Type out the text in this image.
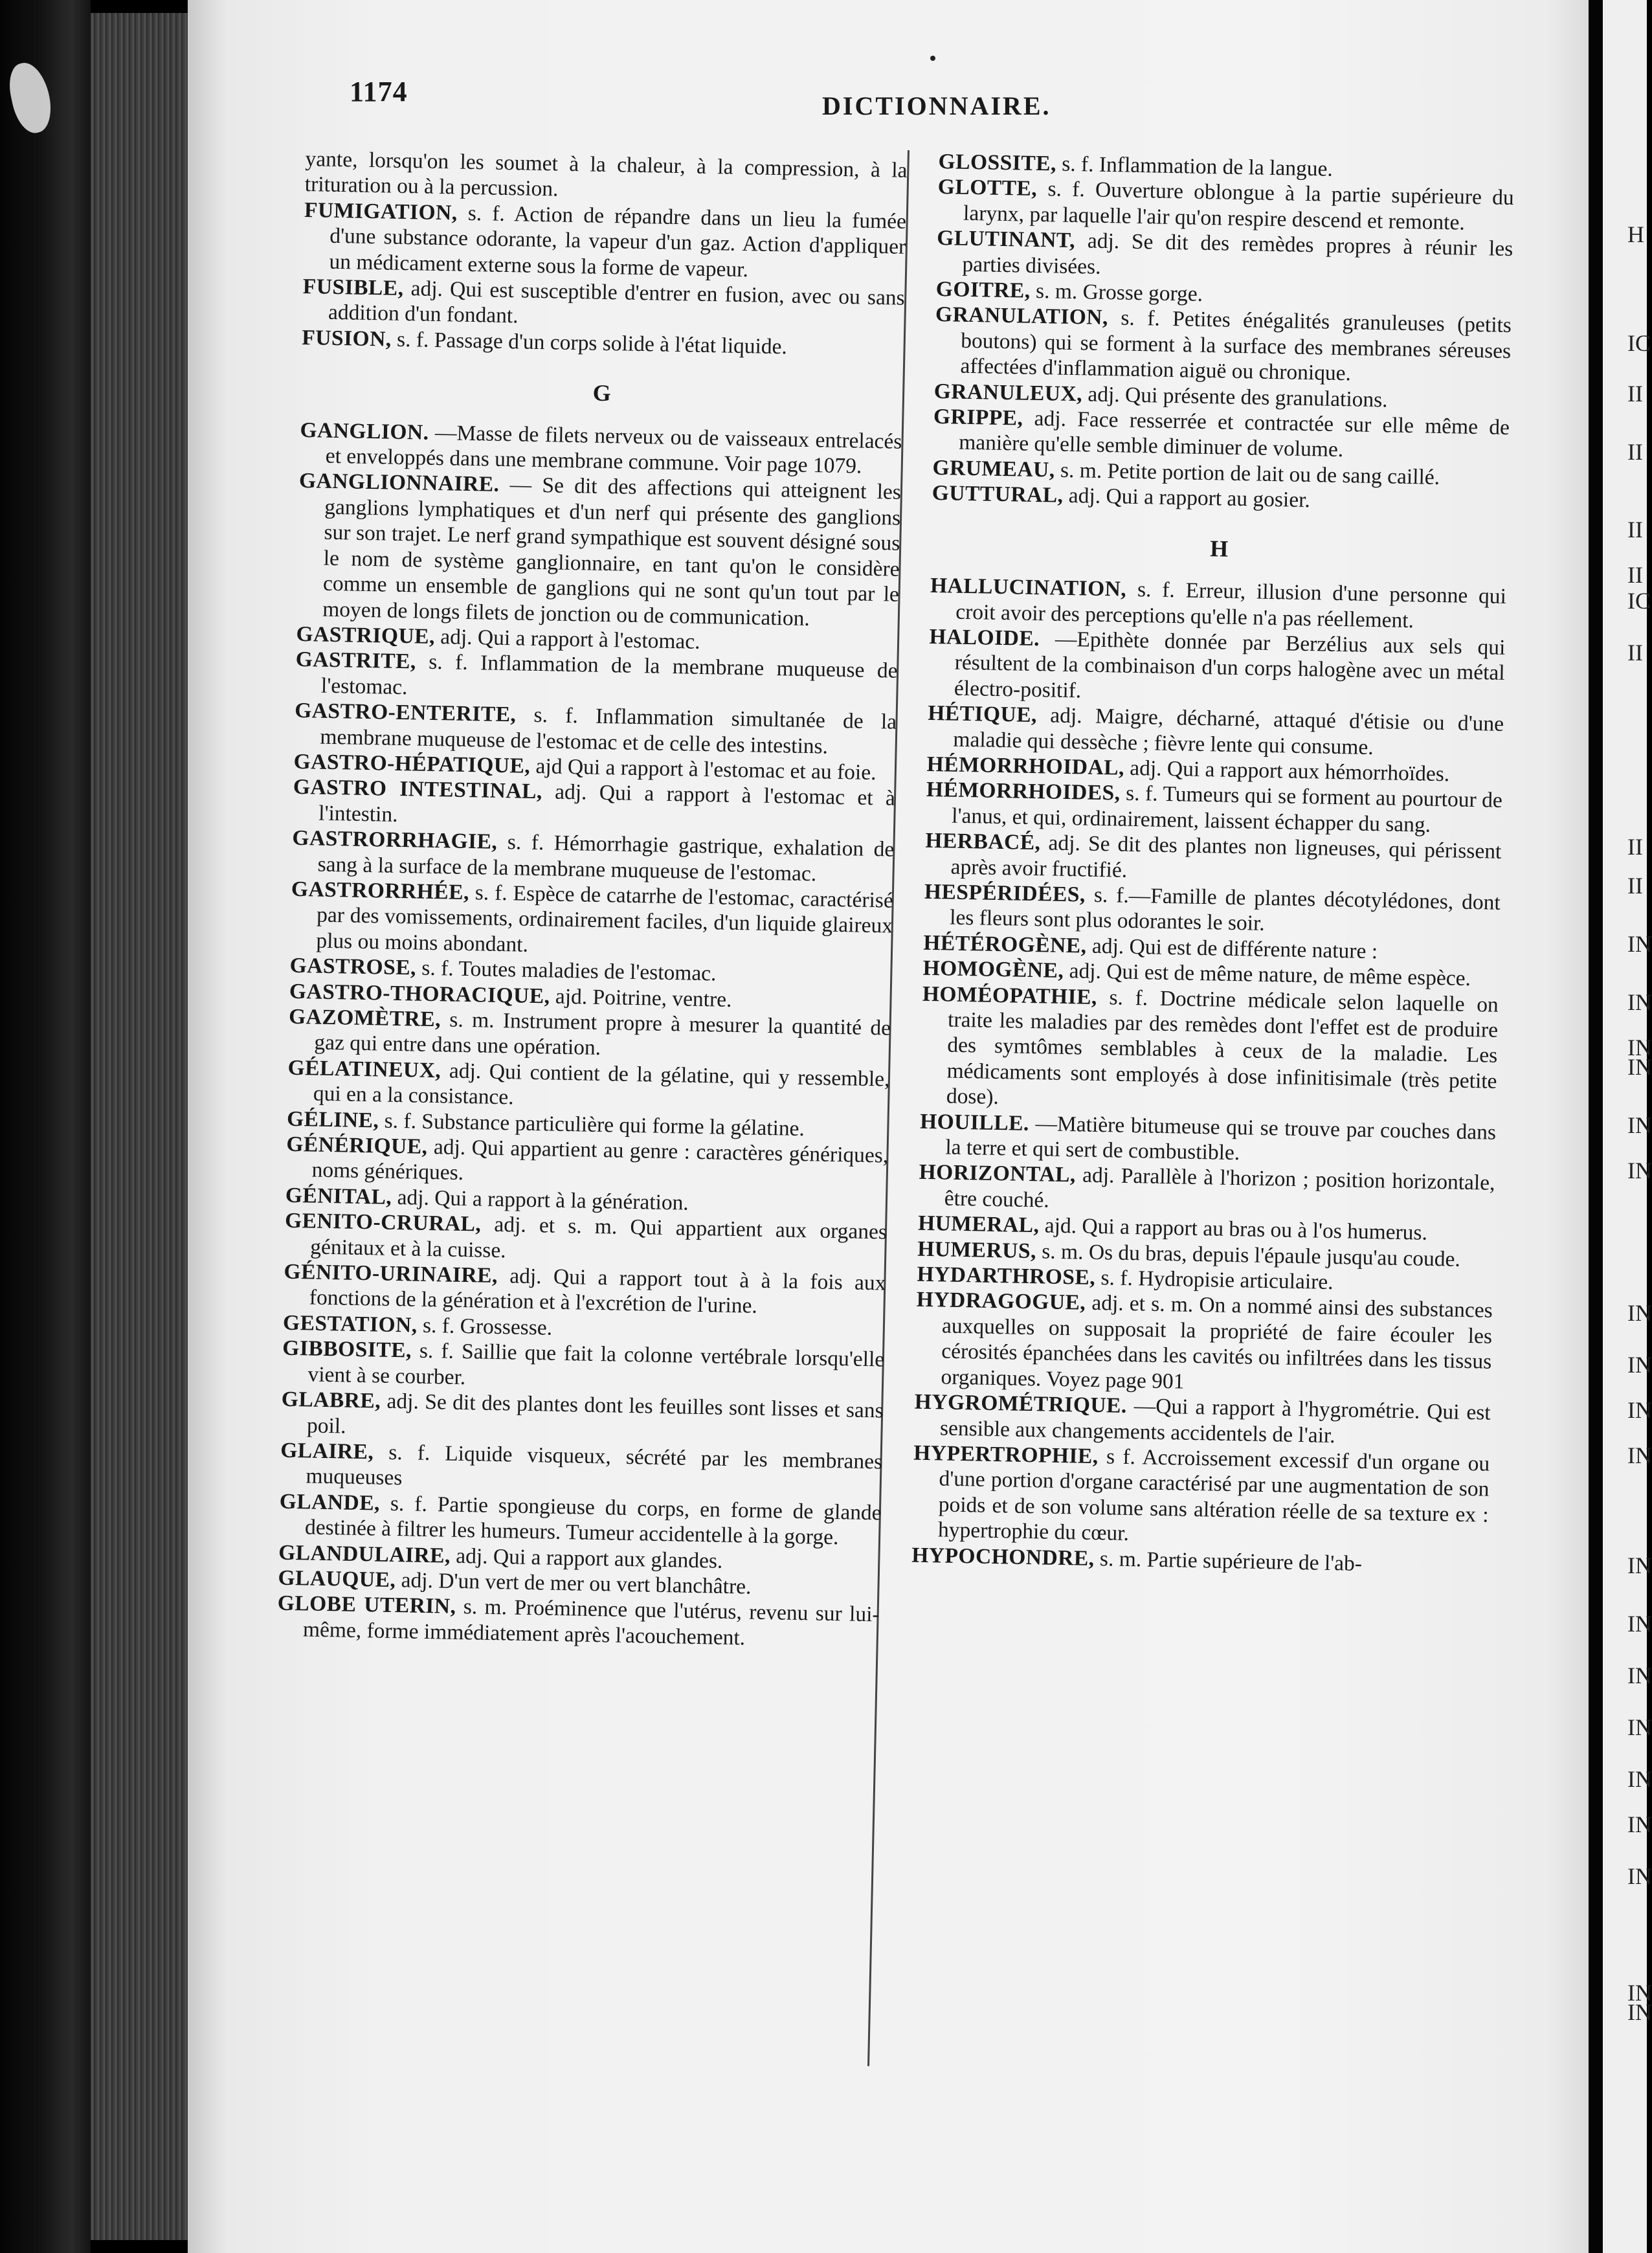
1174	DICTIONNAIRE.

yante, lorsqu'on les soumet à la chaleur, à la compression, à la trituration ou à la percussion.

FUMIGATION, s. f. Action de répandre dans un lieu la fumée d'une substance odorante, la vapeur d'un gaz. Action d'appliquer un médicament externe sous la forme de vapeur.

FUSIBLE, adj. Qui est susceptible d'entrer en fusion, avec ou sans addition d'un fondant.

FUSION, s. f. Passage d'un corps solide à l'état liquide.

G

GANGLION. —Masse de filets nerveux ou de vaisseaux entrelacés et enveloppés dans une membrane commune. Voir page 1079.

GANGLIONNAIRE. — Se dit des affections qui atteignent les ganglions lymphatiques et d'un nerf qui présente des ganglions sur son trajet. Le nerf grand sympathique est souvent désigné sous le nom de système ganglionnaire, en tant qu'on le considère comme un ensemble de ganglions qui ne sont qu'un tout par le moyen de longs filets de jonction ou de communication.

GASTRIQUE, adj. Qui a rapport à l'estomac.

GASTRITE, s. f. Inflammation de la membrane muqueuse de l'estomac.

GASTRO-ENTERITE, s. f. Inflammation simultanée de la membrane muqueuse de l'estomac et de celle des intestins.

GASTRO-HÉPATIQUE, ajd Qui a rapport à l'estomac et au foie.

GASTRO INTESTINAL, adj. Qui a rapport à l'estomac et à l'intestin.

GASTRORRHAGIE, s. f. Hémorrhagie gastrique, exhalation de sang à la surface de la membrane muqueuse de l'estomac.

GASTRORRHÉE, s. f. Espèce de catarrhe de l'estomac, caractérisé par des vomissements, ordinairement faciles, d'un liquide glaireux plus ou moins abondant.

GASTROSE, s. f. Toutes maladies de l'estomac.

GASTRO-THORACIQUE, ajd. Poitrine, ventre.

GAZOMÈTRE, s. m. Instrument propre à mesurer la quantité de gaz qui entre dans une opération.

GÉLATINEUX, adj. Qui contient de la gélatine, qui y ressemble, qui en a la consistance.

GÉLINE, s. f. Substance particulière qui forme la gélatine.

GÉNÉRIQUE, adj. Qui appartient au genre : caractères génériques, noms génériques.

GÉNITAL, adj. Qui a rapport à la génération.

GENITO-CRURAL, adj. et s. m. Qui appartient aux organes génitaux et à la cuisse.

GÉNITO-URINAIRE, adj. Qui a rapport tout à à la fois aux fonctions de la génération et à l'excrétion de l'urine.

GESTATION, s. f. Grossesse.

GIBBOSITE, s. f. Saillie que fait la colonne vertébrale lorsqu'elle vient à se courber.

GLABRE, adj. Se dit des plantes dont les feuilles sont lisses et sans poil.

GLAIRE, s. f. Liquide visqueux, sécrété par les membranes muqueuses

GLANDE, s. f. Partie spongieuse du corps, en forme de glande destinée à filtrer les humeurs. Tumeur accidentelle à la gorge.

GLANDULAIRE, adj. Qui a rapport aux glandes.

GLAUQUE, adj. D'un vert de mer ou vert blanchâtre.

GLOBE UTERIN, s. m. Proéminence que l'utérus, revenu sur lui-même, forme immédiatement après l'acouchement.

GLOSSITE, s. f. Inflammation de la langue.

GLOTTE, s. f. Ouverture oblongue à la partie supérieure du larynx, par laquelle l'air qu'on respire descend et remonte.

GLUTINANT, adj. Se dit des remèdes propres à réunir les parties divisées.

GOITRE, s. m. Grosse gorge.

GRANULATION, s. f. Petites énégalités granuleuses (petits boutons) qui se forment à la surface des membranes séreuses affectées d'inflammation aiguë ou chronique.

GRANULEUX, adj. Qui présente des granulations.

GRIPPE, adj. Face resserrée et contractée sur elle même de manière qu'elle semble diminuer de volume.

GRUMEAU, s. m. Petite portion de lait ou de sang caillé.

GUTTURAL, adj. Qui a rapport au gosier.

H

HALLUCINATION, s. f. Erreur, illusion d'une personne qui croit avoir des perceptions qu'elle n'a pas réellement.

HALOIDE. —Epithète donnée par Berzélius aux sels qui résultent de la combinaison d'un corps halogène avec un métal électro-positif.

HÉTIQUE, adj. Maigre, décharné, attaqué d'étisie ou d'une maladie qui dessèche ; fièvre lente qui consume.

HÉMORRHOIDAL, adj. Qui a rapport aux hémorrhoïdes.

HÉMORRHOIDES, s. f. Tumeurs qui se forment au pourtour de l'anus, et qui, ordinairement, laissent échapper du sang.

HERBACÉ, adj. Se dit des plantes non ligneuses, qui périssent après avoir fructifié.

HESPÉRIDÉES, s. f.—Famille de plantes décotylédones, dont les fleurs sont plus odorantes le soir.

HÉTÉROGÈNE, adj. Qui est de différente nature :

HOMOGÈNE, adj. Qui est de même nature, de même espèce.

HOMÉOPATHIE, s. f. Doctrine médicale selon laquelle on traite les maladies par des remèdes dont l'effet est de produire des symtômes semblables à ceux de la maladie. Les médicaments sont employés à dose infinitisimale (très petite dose).

HOUILLE. —Matière bitumeuse qui se trouve par couches dans la terre et qui sert de combustible.

HORIZONTAL, adj. Parallèle à l'horizon ; position horizontale, être couché.

HUMERAL, ajd. Qui a rapport au bras ou à l'os humerus.

HUMERUS, s. m. Os du bras, depuis l'épaule jusqu'au coude.

HYDARTHROSE, s. f. Hydropisie articulaire.

HYDRAGOGUE, adj. et s. m. On a nommé ainsi des substances auxquelles on supposait la propriété de faire écouler les cérosités épanchées dans les cavités ou infiltrées dans les tissus organiques. Voyez page 901

HYGROMÉTRIQUE. —Qui a rapport à l'hygrométrie. Qui est sensible aux changements accidentels de l'air.

HYPERTROPHIE, s f. Accroissement excessif d'un organe ou d'une portion d'organe caractérisé par une augmentation de son poids et de son volume sans altération réelle de sa texture ex : hypertrophie du cœur.

HYPOCHONDRE, s. m. Partie supérieure de l'ab-

H
IC
II
II
II
II
IC
II
II
II
IN
IN
IN
IN
IN
IN
IN
IN
IN
IN
IN
IN
IN
IN
IN
IN
IN
IN
IN
